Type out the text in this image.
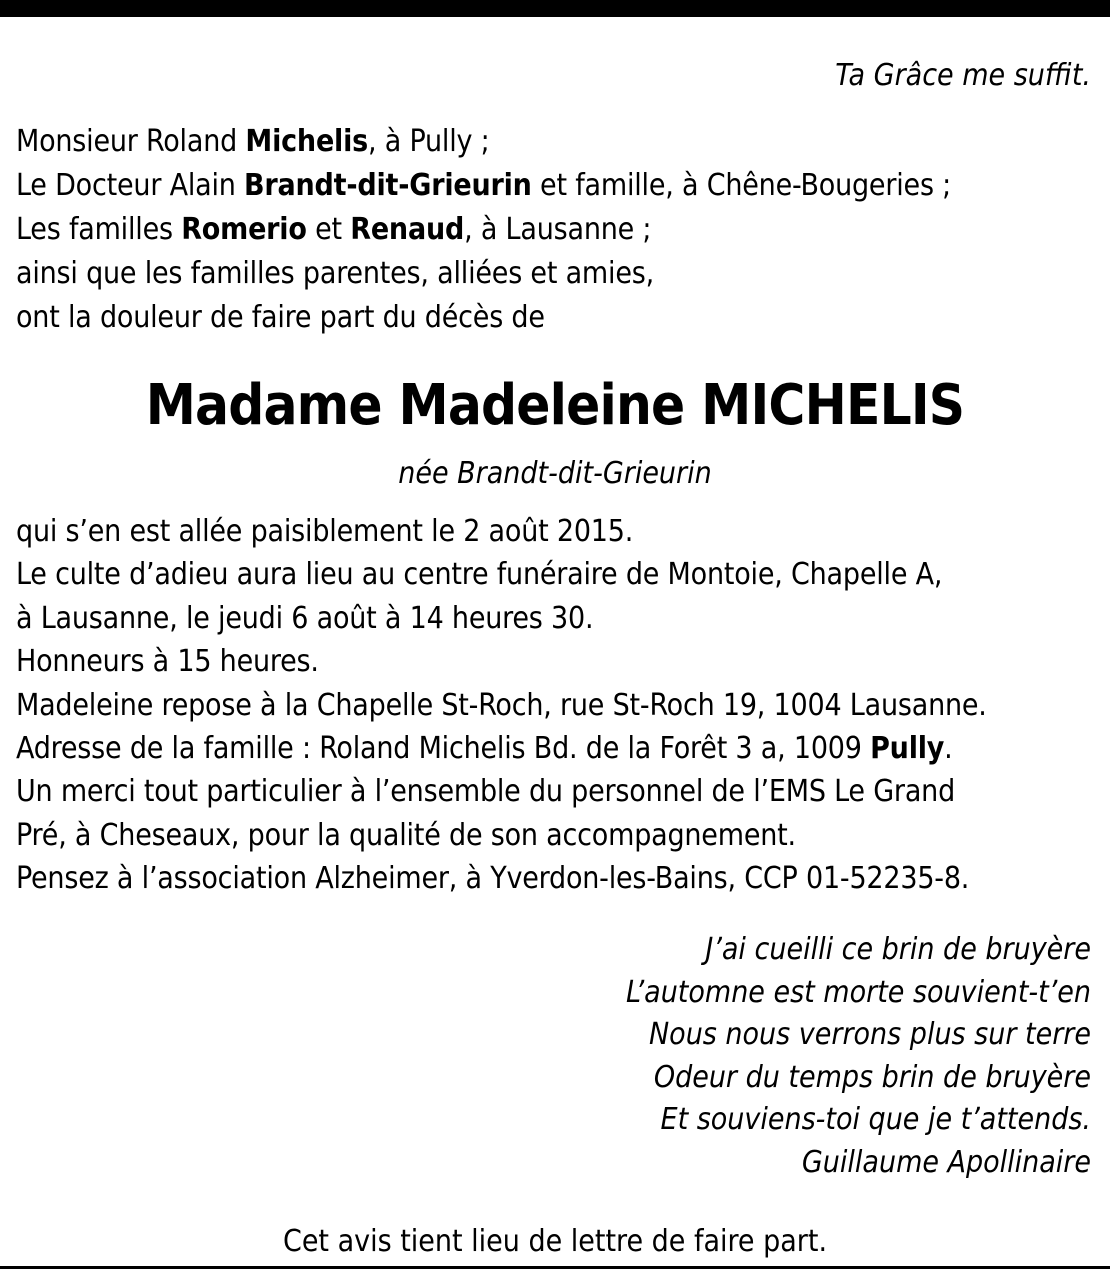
Ta Grâce me suffit.
Monsieur Roland Michelis, à Pully ;
Le Docteur Alain Brandt-dit-Grieurin et famille, à Chêne-Bougeries ;
Les familles Romerio et Renaud, à Lausanne ;
ainsi que les familles parentes, alliées et amies,
ont la douleur de faire part du décès de
Madame Madeleine MICHELIS
née Brandt-dit-Grieurin
qui s’en est allée paisiblement le 2 août 2015.
Le culte d’adieu aura lieu au centre funéraire de Montoie, Chapelle A,
à Lausanne, le jeudi 6 août à 14 heures 30.
Honneurs à 15 heures.
Madeleine repose à la Chapelle St-Roch, rue St-Roch 19, 1004 Lausanne.
Adresse de la famille : Roland Michelis Bd. de la Forêt 3 a, 1009 Pully.
Un merci tout particulier à l’ensemble du personnel de l’EMS Le Grand
Pré, à Cheseaux, pour la qualité de son accompagnement.
Pensez à l’association Alzheimer, à Yverdon-les-Bains, CCP 01-52235-8.
J’ai cueilli ce brin de bruyère
L’automne est morte souvient-t’en
Nous nous verrons plus sur terre
Odeur du temps brin de bruyère
Et souviens-toi que je t’attends.
Guillaume Apollinaire
Cet avis tient lieu de lettre de faire part.
